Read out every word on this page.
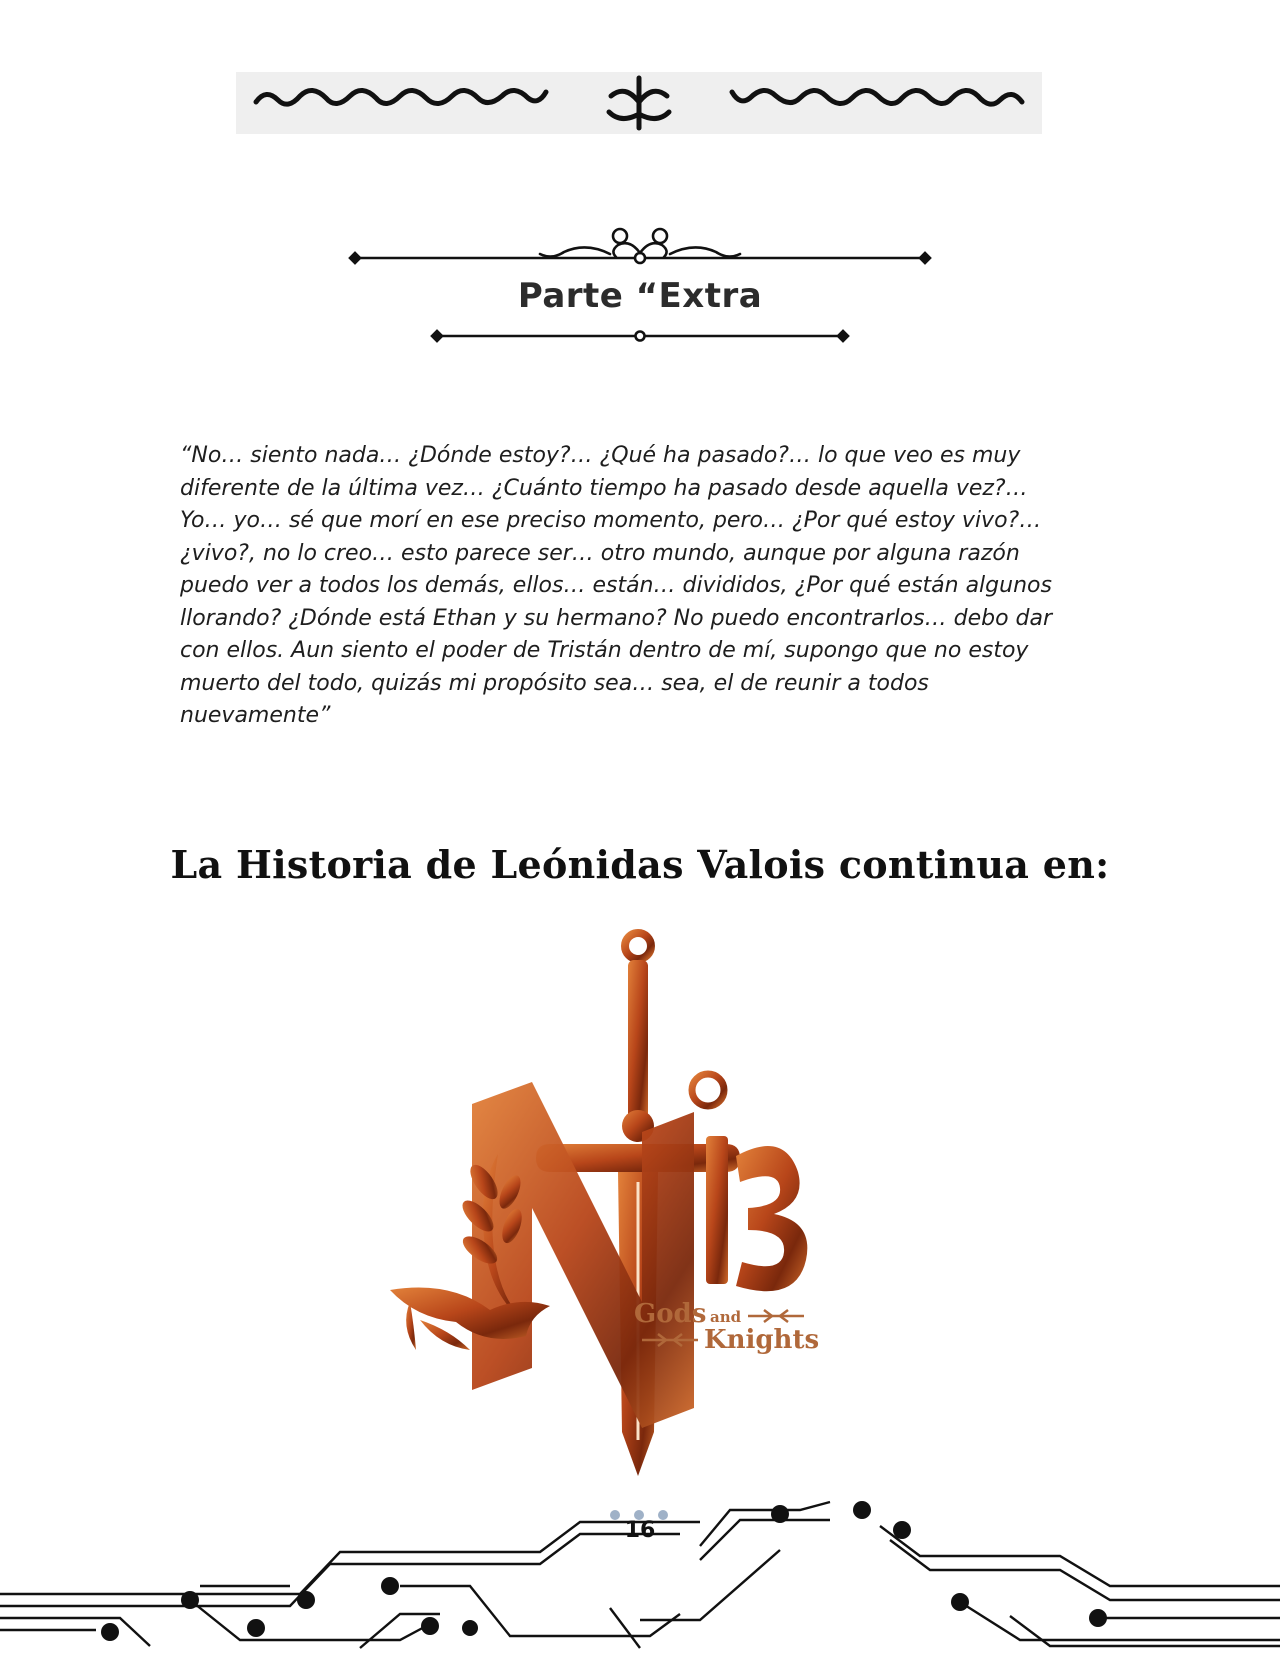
Parte “Extra

“No… siento nada… ¿Dónde estoy?… ¿Qué ha pasado?… lo que veo es muy
diferente de la última vez… ¿Cuánto tiempo ha pasado desde aquella vez?…
Yo… yo… sé que morí en ese preciso momento, pero… ¿Por qué estoy vivo?…
¿vivo?, no lo creo… esto parece ser… otro mundo, aunque por alguna razón
puedo ver a todos los demás, ellos… están… divididos, ¿Por qué están algunos
llorando? ¿Dónde está Ethan y su hermano? No puedo encontrarlos… debo dar
con ellos. Aun siento el poder de Tristán dentro de mí, supongo que no estoy
muerto del todo, quizás mi propósito sea… sea, el de reunir a todos
nuevamente”

La Historia de Leónidas Valois continua en:
Gods and
Knights
16
